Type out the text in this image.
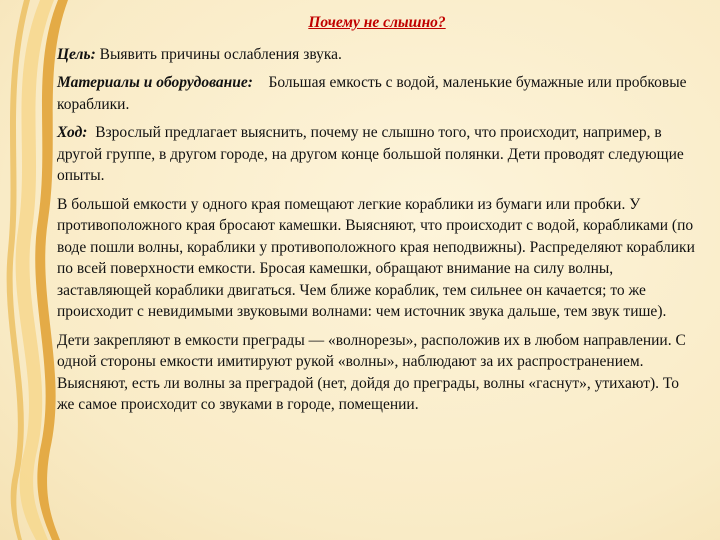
Почему не слышно?

Цель: Выявить причины ослабления звука.

Материалы и оборудование:    Большая емкость с водой, маленькие бумажные или пробковые кораблики.

Ход:  Взрослый предлагает выяснить, почему не слышно того, что происходит, например, в другой группе, в другом городе, на другом конце большой полянки. Дети проводят следующие опыты.

В большой емкости у одного края помещают легкие кораблики из бумаги или пробки. У противоположного края бросают камешки. Выясняют, что происходит с водой, корабликами (по воде пошли волны, кораблики у противоположного края неподвижны). Распределяют кораблики по всей поверхности емкости. Бросая камешки, обращают внимание на силу волны, заставляющей кораблики двигаться. Чем ближе кораблик, тем сильнее он качается; то же происходит с невидимыми звуковыми волнами: чем источник звука дальше, тем звук тише).

Дети закрепляют в емкости преграды — «волнорезы», расположив их в любом направлении. С одной стороны емкости имитируют рукой «волны», наблюдают за их распространением. Выясняют, есть ли волны за преградой (нет, дойдя до преграды, волны «гаснут», утихают). То же самое происходит со звуками в городе, помещении.
